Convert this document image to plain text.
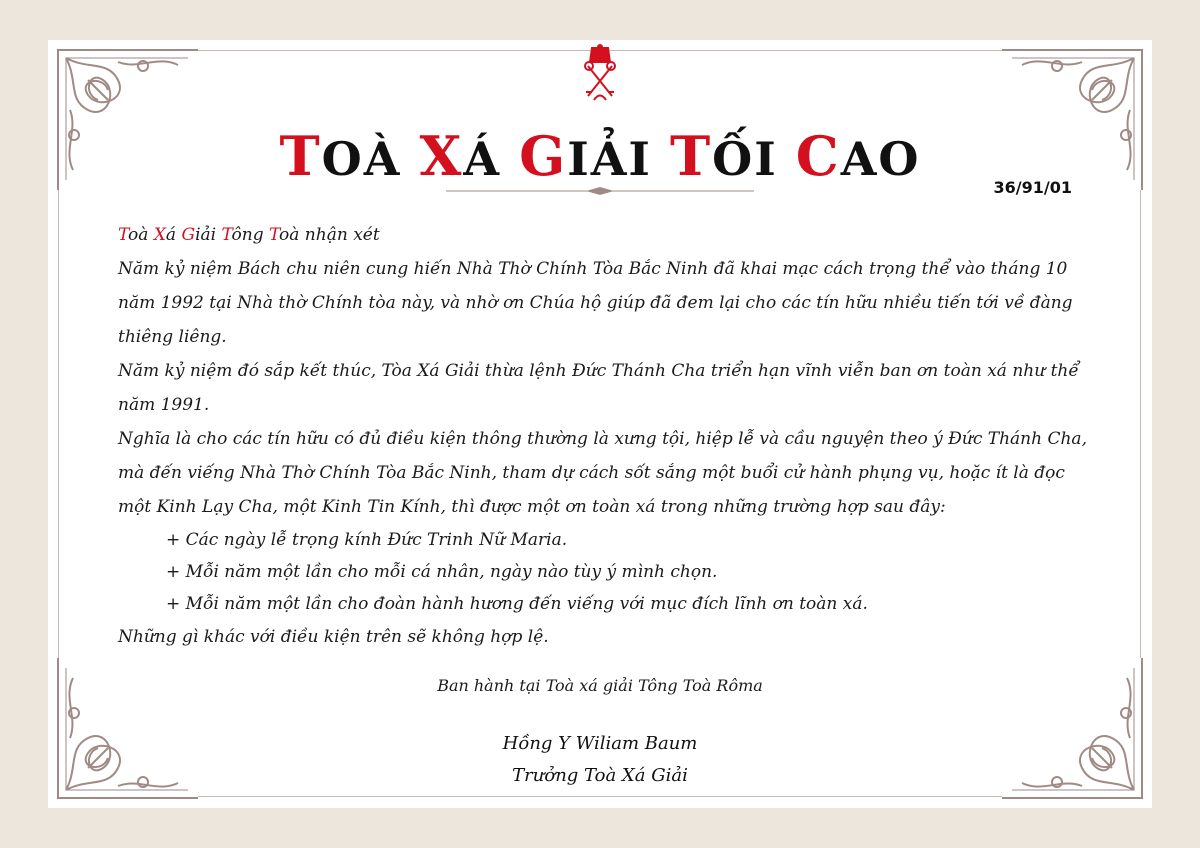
TOÀ XÁ GIẢI TỐI CAO
36/91/01

Toà Xá Giải Tông Toà nhận xét

Năm kỷ niệm Bách chu niên cung hiến Nhà Thờ Chính Tòa Bắc Ninh đã khai mạc cách trọng thể vào tháng 10 năm 1992 tại Nhà thờ Chính tòa này, và nhờ ơn Chúa hộ giúp đã đem lại cho các tín hữu nhiều tiến tới về đàng thiêng liêng.

Năm kỷ niệm đó sắp kết thúc, Tòa Xá Giải thừa lệnh Đức Thánh Cha triển hạn vĩnh viễn ban ơn toàn xá như thể năm 1991.

Nghĩa là cho các tín hữu có đủ điều kiện thông thường là xưng tội, hiệp lễ và cầu nguyện theo ý Đức Thánh Cha, mà đến viếng Nhà Thờ Chính Tòa Bắc Ninh, tham dự cách sốt sắng một buổi cử hành phụng vụ, hoặc ít là đọc một Kinh Lạy Cha, một Kinh Tin Kính, thì được một ơn toàn xá trong những trường hợp sau đây:

+ Các ngày lễ trọng kính Đức Trinh Nữ Maria.
+ Mỗi năm một lần cho mỗi cá nhân, ngày nào tùy ý mình chọn.
+ Mỗi năm một lần cho đoàn hành hương đến viếng với mục đích lĩnh ơn toàn xá.

Những gì khác với điều kiện trên sẽ không hợp lệ.

Ban hành tại Toà xá giải Tông Toà Rôma
Hồng Y Wiliam Baum
Trưởng Toà Xá Giải
